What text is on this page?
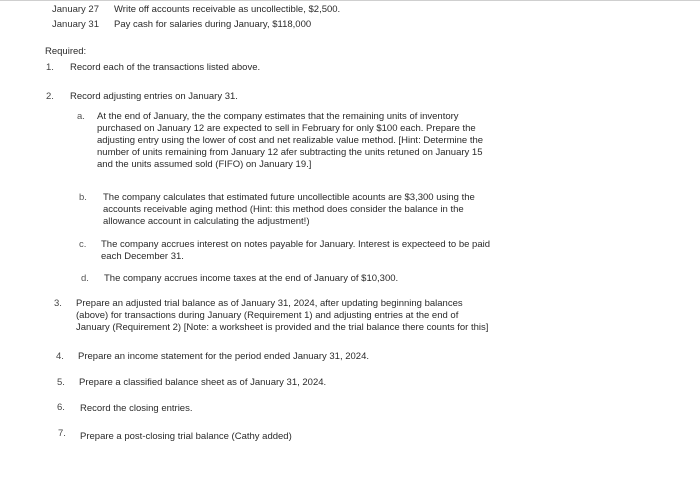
January 27 Write off accounts receivable as uncollectible, $2,500.
January 31 Pay cash for salaries during January, $118,000
Required:
1. Record each of the transactions listed above.
2. Record adjusting entries on January 31.
a. At the end of January, the the company estimates that the remaining units of inventory purchased on January 12 are expected to sell in February for only $100 each. Prepare the adjusting entry using the lower of cost and net realizable value method. [Hint: Determine the number of units remaining from January 12 afer subtracting the units retuned on January 15 and the units assumed sold (FIFO) on January 19.]
b. The company calculates that estimated future uncollectible acounts are $3,300 using the accounts receivable aging method (Hint: this method does consider the balance in the allowance account in calculating the adjustment!)
c. The company accrues interest on notes payable for January. Interest is expecteed to be paid each December 31.
d. The company accrues income taxes at the end of January of $10,300.
3. Prepare an adjusted trial balance as of January 31, 2024, after updating beginning balances (above) for transactions during January (Requirement 1) and adjusting entries at the end of January (Requirement 2) [Note: a worksheet is provided and the trial balance there counts for this]
4. Prepare an income statement for the period ended January 31, 2024.
5. Prepare a classified balance sheet as of January 31, 2024.
6. Record the closing entries.
7. Prepare a post-closing trial balance (Cathy added)
